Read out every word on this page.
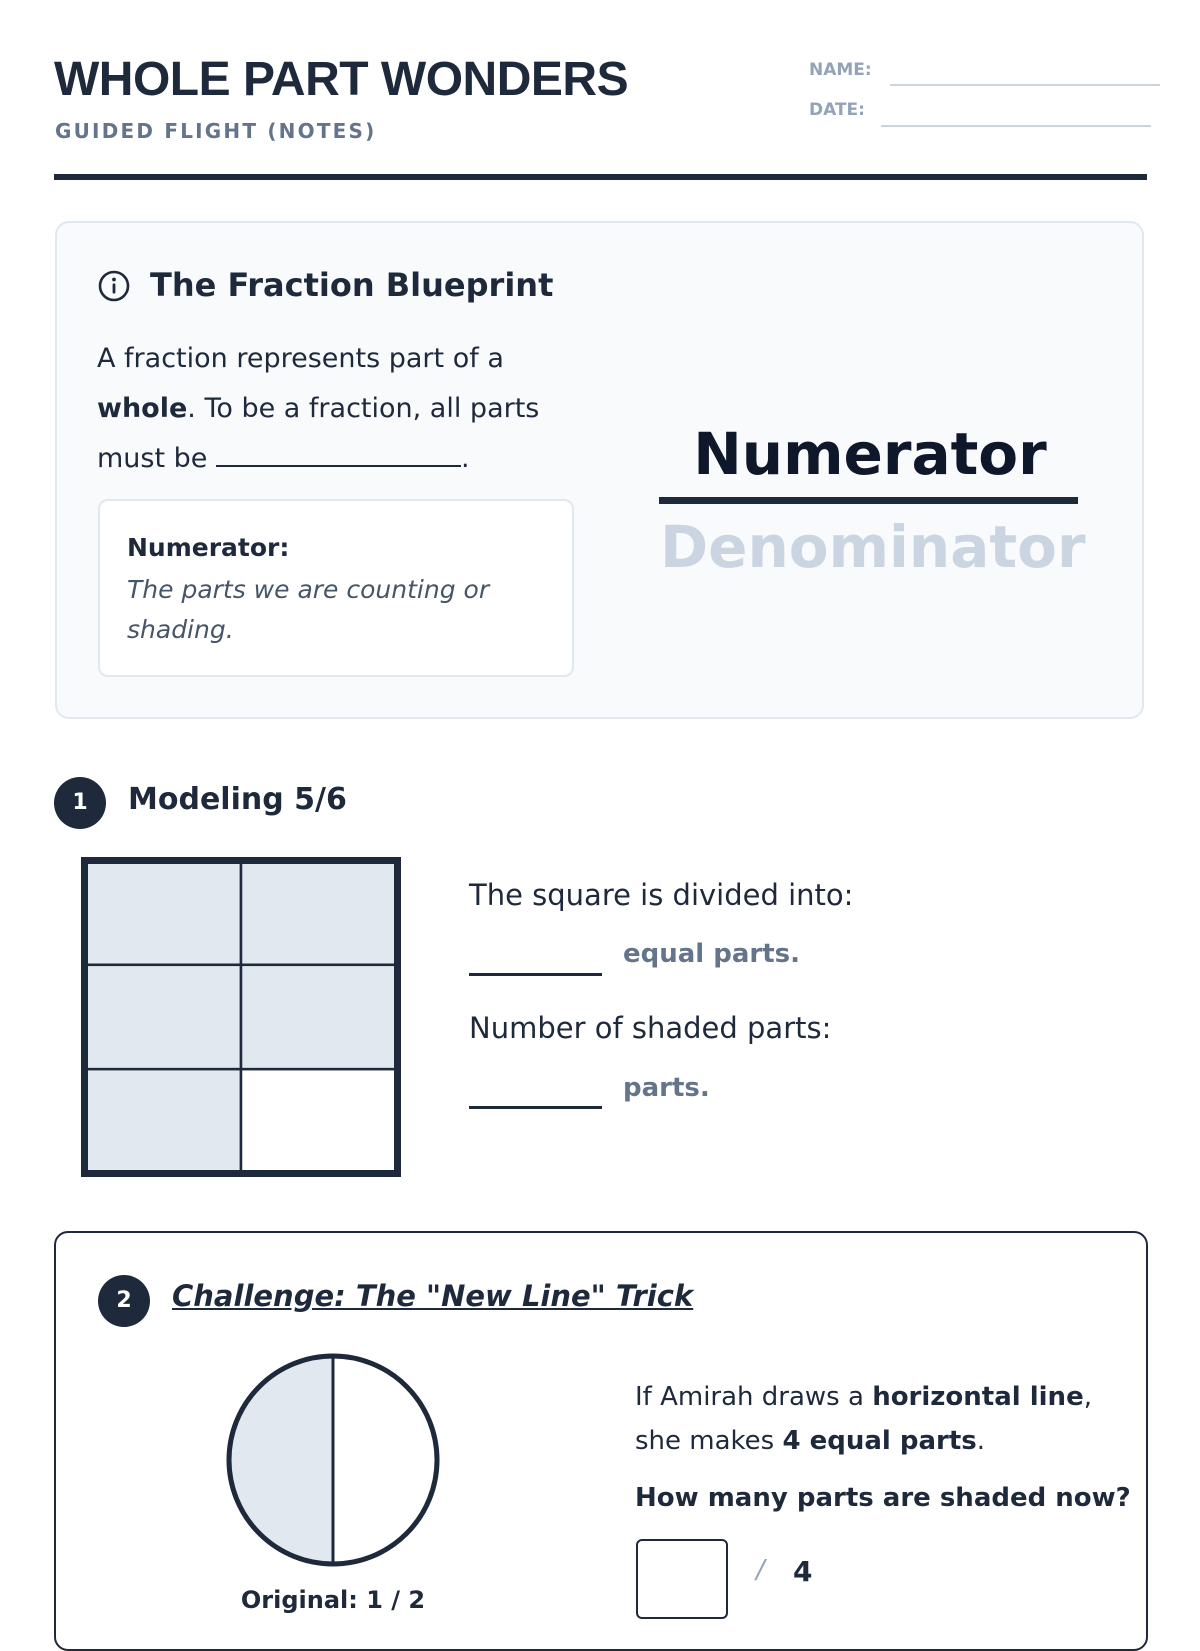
WHOLE PART WONDERS
GUIDED FLIGHT (NOTES)
NAME:
DATE:
The Fraction Blueprint
A fraction represents part of a whole. To be a fraction, all parts must be	.
Numerator:
The parts we are counting or shading.
Numerator
Denominator
1	Modeling 5/6
The square is divided into:
equal parts.
Number of shaded parts:
parts.
2	Challenge: The "New Line" Trick
Original: 1 / 2
If Amirah draws a horizontal line, she makes 4 equal parts.
How many parts are shaded now?
/ 4
